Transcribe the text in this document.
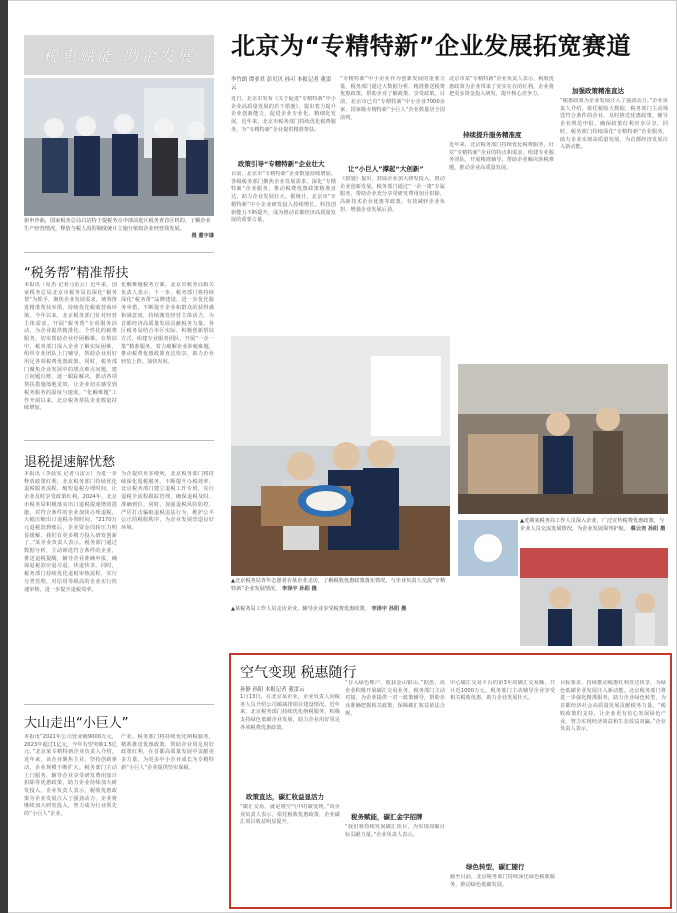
税惠赋能 助企发展
新申沙曲，国家税务总局白洁特于提税务点中部前进区税务查首区机的。了解企业生产经营情况，释放与税人沟的制度统计立施分依如企业经营效发展。
摄 董宇谦
“税务帮”精准帮扶
本报讯（易杰 记者马雷云）近年来，国家税务总局北京市税务局以深化“税务帮”为抓手，聚焦企业发展需求，统筹推进精准帮扶举措，持续优化税收营商环境。今年以来，北京税务部门针对经营主体需求，开展“税务帮”专项服务活动，为企业提供精准化、个性化的税费服务，切实帮助企业纾困解难。在帮扶中，税务部门深入企业了解实际困难，组织专业团队上门辅导，帮助企业用好用足各项税费优惠政策。同时，税务部门聚焦企业发展中的堵点难点问题，建立问题台账，逐一跟踪解决，推动各项帮扶措施落地见效，让企业切实感受到税务服务的温度与速度。“化解难题”工作开展以来，北京税务帮扶企业数量持续增加。
化解难题税务方案。北京市税务局相关负责人表示，下一步，税务部门将持续深化“税务帮”品牌建设，进一步优化服务举措，不断提升企业和群众的获得感和满意度，持续激发经营主体活力，为首都经济高质量发展贡献税务力量。各区税务局结合本区实际，积极创新帮扶方式，组建专业服务团队，开展“一企一策”精准服务，着力破解企业涉税难题，推动税费优惠政策直达快享，助力企业轻装上阵、加快发展。
退税提速解忧愁
本报讯（李晨雯 记者马雷云）为进一步释放政策红利，北京税务部门持续优化退税服务流程，缩短退税办理时间，让企业及时享受政策红利。2024年，北京市税务局积极落实出口退税提速增效措施，对符合条件的企业加快办理退税，大幅压缩出口退税办理时间。“2170万元退税款到账后，企业资金周转压力明显缓解，我们有更多精力投入研发创新了。”某企业负责人表示。税务部门通过数据分析，主动筛选符合条件的企业，推送退税提醒，辅导企业准确申报，确保退税款应退尽退、快退快享。同时，税务部门持续优化退税审核流程，实行分类管理，对信用等级高的企业实行快速审核，进一步提升退税效率。
为企提供更多便利，北京税务部门将持续深化退税服务，不断提升办税效率。北京税务部门建立退税工作专班，实行退税全流程跟踪管理，确保退税及时、准确到位。同时，加强退税风险防控，严厉打击骗取退税违法行为，维护公平公正的税收秩序，为企业发展营造良好环境。
大山走出“小巨人”
本报讯“2021年公司营业额9000万元，2023年超过1亿元，今年有望突破1.5亿元。”北京某专精特新企业负责人介绍。近年来，该企业聚焦主业，坚持创新驱动，企业规模不断扩大。税务部门主动上门服务，辅导企业享受研发费用加计扣除等优惠政策，助力企业持续加大研发投入。企业负责人表示，税收优惠政策为企业发展注入了强劲动力，企业将继续加大研发投入，努力成为行业领先的“小巨人”企业。
产业。税务部门将持续优化纳税服务，精准推送优惠政策，帮助企业用足用好政策红利，在首都高质量发展中贡献更多力量。为更多中小企业成长为专精特新“小巨人”企业提供坚实保障。
北京为“专精特新”企业发展拓宽赛道
李竹朗 谭亚君 彭贝贝 孙可 本报记者 董雷云
近日，北京市发布《关于促进“专精特新”中小企业高质量发展的若干措施》，提出着力提升企业创新能力，促进企业专业化、精细化发展。近年来，北京市税务部门持续优化税费服务，为“专精特新”企业提供精准帮扶。
政策引导“专精特新”企业壮大
目前，北京市“专精特新”企业数量持续增加，各级税务部门聚焦企业发展需求，深化“专精特新”企业服务，推动税费优惠政策精准直达，助力企业发展壮大。据统计，北京市“专精特新”中小企业研发投入持续增长，科技创新能力不断提升，成为推动首都经济高质量发展的重要力量。
“专精特新”中小企业作为创新发展的重要力量，税务部门通过大数据分析，精准推送税费优惠政策，帮助企业了解政策、享受政策。目前，北京市已有“专精特新”中小企业7000余家，国家级专精特新“小巨人”企业数量居全国前列。
让“小巨人”撑起“大创新”
《措施》提出，鼓励企业加大研发投入，推动企业创新发展。税务部门通过“一企一策”专属服务，帮助企业充分享受研发费用加计扣除、高新技术企业优惠等政策，有效减轻企业负担，增强企业发展后劲。
北京市某“专精特新”企业负责人表示，税收优惠政策为企业带来了实实在在的红利，企业将把更多资金投入研发，提升核心竞争力。
持续提升服务精准度
近年来，北京税务部门持续优化税费服务，针对“专精特新”企业的特点和需求，组建专业服务团队，开展精准辅导，帮助企业解决涉税难题，推动企业高质量发展。
加强政策精准直达
“税惠政策为企业发展注入了强劲动力。”企业负责人介绍，依托税收大数据，税务部门主动筛选符合条件的企业，及时推送优惠政策，辅导企业规范申报，确保政策红利应享尽享。同时，税务部门持续深化“专精特新”企业服务，助力企业实现高质量发展，为首都经济发展注入新动能。
▲北京税务局青年志愿者在某企业走访，了解税收优惠政策落实情况，与企业负责人交流“专精特新”企业发展情况。 李泽宇 孙阳 摄
▲近期某税务局工作人员深入企业，广泛宣传税费优惠政策，与企业人员交流发展情况，为企业发展保驾护航。 蔡云尧 孙阳 摄
▲某税务局工作人员走访企业，辅导企业享受税费优惠政策。 李泽宇 孙阳 摄
空气变现 税惠随行
孙静 孙阳 本报记者 董雷云
1月13日，在北京某企业，企业负责人向税务人员介绍公司碳减排项目建设情况。近年来，北京税务部门持续优化纳税服务，积极支持绿色低碳企业发展，助力企业用好用足各项税费优惠政策。
政策直达，碳汇收益显活力
“碳汇交易，就是将空气中的碳变现。”该企业负责人表示，依托税收优惠政策，企业碳汇项目收益明显提升。
“存入绿色账户，收获金山银山。”据悉，该企业积极开展碳汇交易业务，税务部门主动对接，为企业提供一对一政策辅导，帮助企业准确把握相关政策，保障碳汇收益依法合规。
税务赋能，碳汇金字招牌
“我们将持续发展碳汇项目，为实现双碳目标贡献力量。”企业负责人表示。
中心碳汇交易平台的第3年的碳汇交易额，共计近1000万元。税务部门主动辅导企业享受相关税收优惠，助力企业发展壮大。
绿色转型，碳汇随行
截至目前，北京税务部门持续深化绿色税收服务，推动绿色低碳发展。
目标要求，持续推动税惠红利直达快享，为绿色低碳企业发展注入新动能。北京税务部门将进一步强化精准服务，助力企业绿色转型，为首都经济社会高质量发展贡献税务力量。“税收政策的支持，让企业更有信心发展绿色产业，努力实现经济效益和生态效益双赢。”企业负责人表示。
